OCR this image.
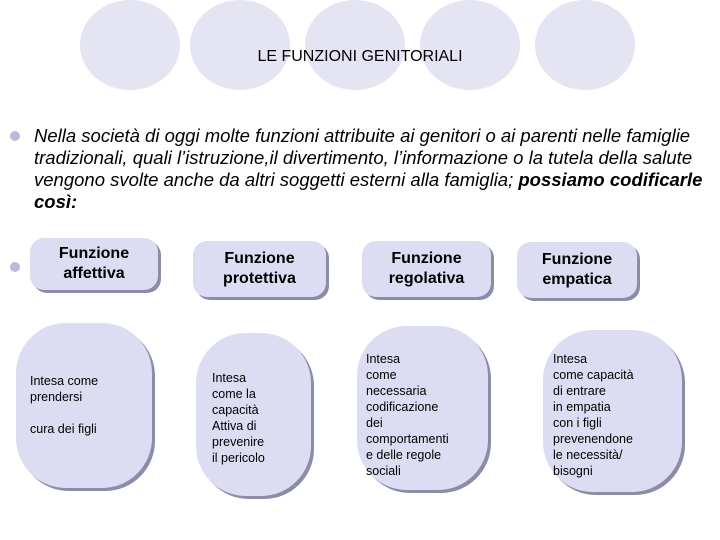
LE FUNZIONI GENITORIALI
Nella società di oggi molte funzioni attribuite ai genitori o ai parenti nelle famiglie tradizionali, quali l’istruzione,il divertimento, l’informazione o la tutela della salute vengono svolte anche da altri soggetti esterni alla famiglia; possiamo codificarle così:
Funzione
affettiva
Funzione
protettiva
Funzione
regolativa
Funzione
empatica
Intesa come
prendersi

cura dei figli
Intesa
come la
capacità
Attiva di
prevenire
il pericolo
Intesa
come
necessaria
codificazione
dei
comportamenti
e delle regole
sociali
Intesa
come capacità
di entrare
in empatia
con i figli
prevenendone
le necessità/
bisogni
